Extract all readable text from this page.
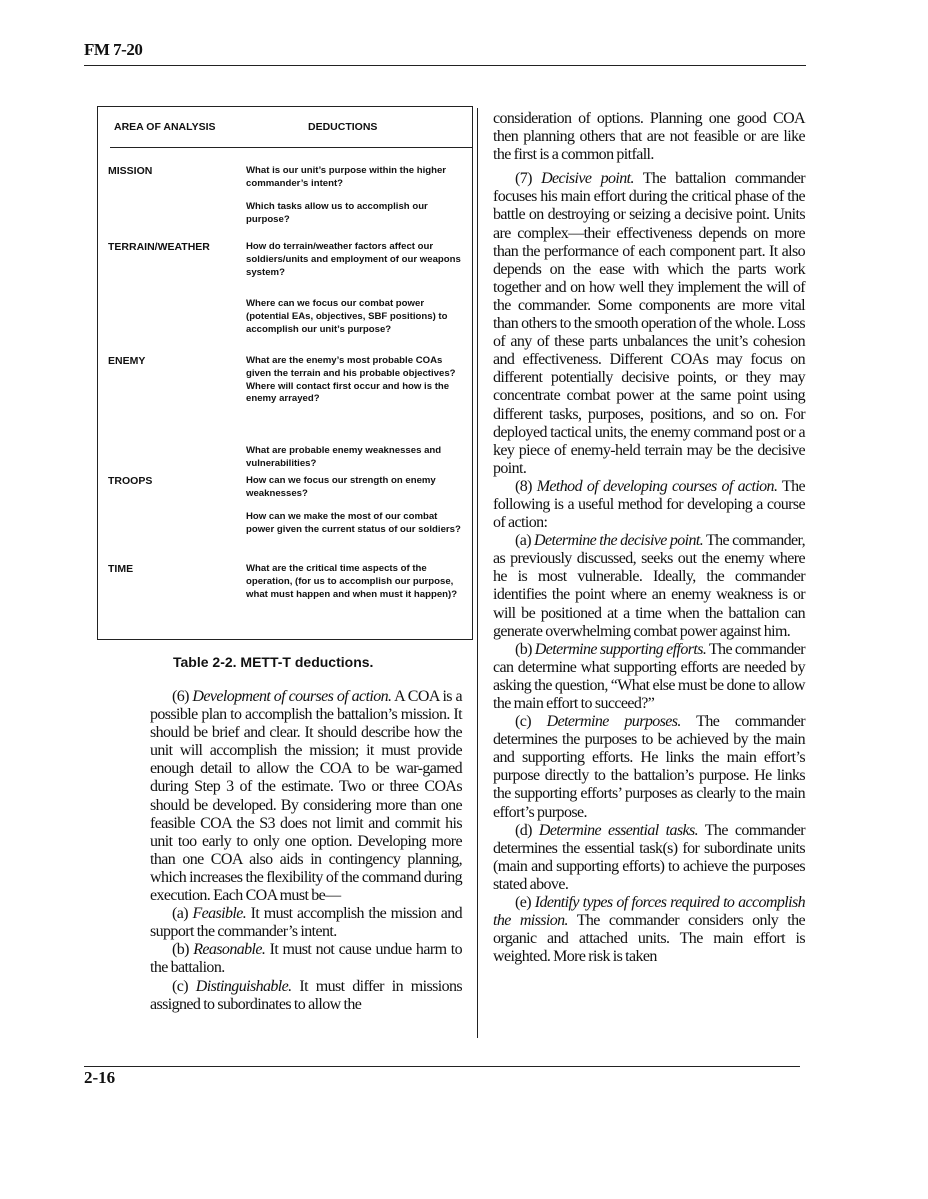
FM 7-20
AREA OF ANALYSIS	DEDUCTIONS
MISSION	What is our unit’s purpose within the higher commander’s intent?
Which tasks allow us to accomplish our purpose?
TERRAIN/WEATHER	How do terrain/weather factors affect our soldiers/units and employment of our weapons system?
Where can we focus our combat power (potential EAs, objectives, SBF positions) to accomplish our unit’s purpose?
ENEMY	What are the enemy’s most probable COAs given the terrain and his probable objectives? Where will contact first occur and how is the enemy arrayed?
What are probable enemy weaknesses and vulnerabilities?
TROOPS	How can we focus our strength on enemy weaknesses?
How can we make the most of our combat power given the current status of our soldiers?
TIME	What are the critical time aspects of the operation, (for us to accomplish our purpose, what must happen and when must it happen)?
Table 2-2. METT-T deductions.

(6) Development of courses of action. A COA is a possible plan to accomplish the battalion’s mission. It should be brief and clear. It should describe how the unit will accomplish the mission; it must provide enough detail to allow the COA to be war-gamed during Step 3 of the estimate. Two or three COAs should be developed. By considering more than one feasible COA the S3 does not limit and commit his unit too early to only one option. Developing more than one COA also aids in contingency planning, which increases the flexibility of the command during execution. Each COA must be—

(a) Feasible. It must accomplish the mission and support the commander’s intent.

(b) Reasonable. It must not cause undue harm to the battalion.

(c) Distinguishable. It must differ in missions assigned to subordinates to allow the

consideration of options. Planning one good COA then planning others that are not feasible or are like the first is a common pitfall.

(7) Decisive point. The battalion commander focuses his main effort during the critical phase of the battle on destroying or seizing a decisive point. Units are complex—their effectiveness depends on more than the performance of each component part. It also depends on the ease with which the parts work together and on how well they implement the will of the commander. Some components are more vital than others to the smooth operation of the whole. Loss of any of these parts unbalances the unit’s cohesion and effectiveness. Different COAs may focus on different potentially decisive points, or they may concentrate combat power at the same point using different tasks, purposes, positions, and so on. For deployed tactical units, the enemy command post or a key piece of enemy-held terrain may be the decisive point.

(8) Method of developing courses of action. The following is a useful method for developing a course of action:

(a) Determine the decisive point. The commander, as previously discussed, seeks out the enemy where he is most vulnerable. Ideally, the commander identifies the point where an enemy weakness is or will be positioned at a time when the battalion can generate overwhelming combat power against him.

(b) Determine supporting efforts. The commander can determine what supporting efforts are needed by asking the question, “What else must be done to allow the main effort to succeed?”

(c) Determine purposes. The commander determines the purposes to be achieved by the main and supporting efforts. He links the main effort’s purpose directly to the battalion’s purpose. He links the supporting efforts’ purposes as clearly to the main effort’s purpose.

(d) Determine essential tasks. The commander determines the essential task(s) for subordinate units (main and supporting efforts) to achieve the purposes stated above.

(e) Identify types of forces required to accomplish the mission. The commander considers only the organic and attached units. The main effort is weighted. More risk is taken

2-16
